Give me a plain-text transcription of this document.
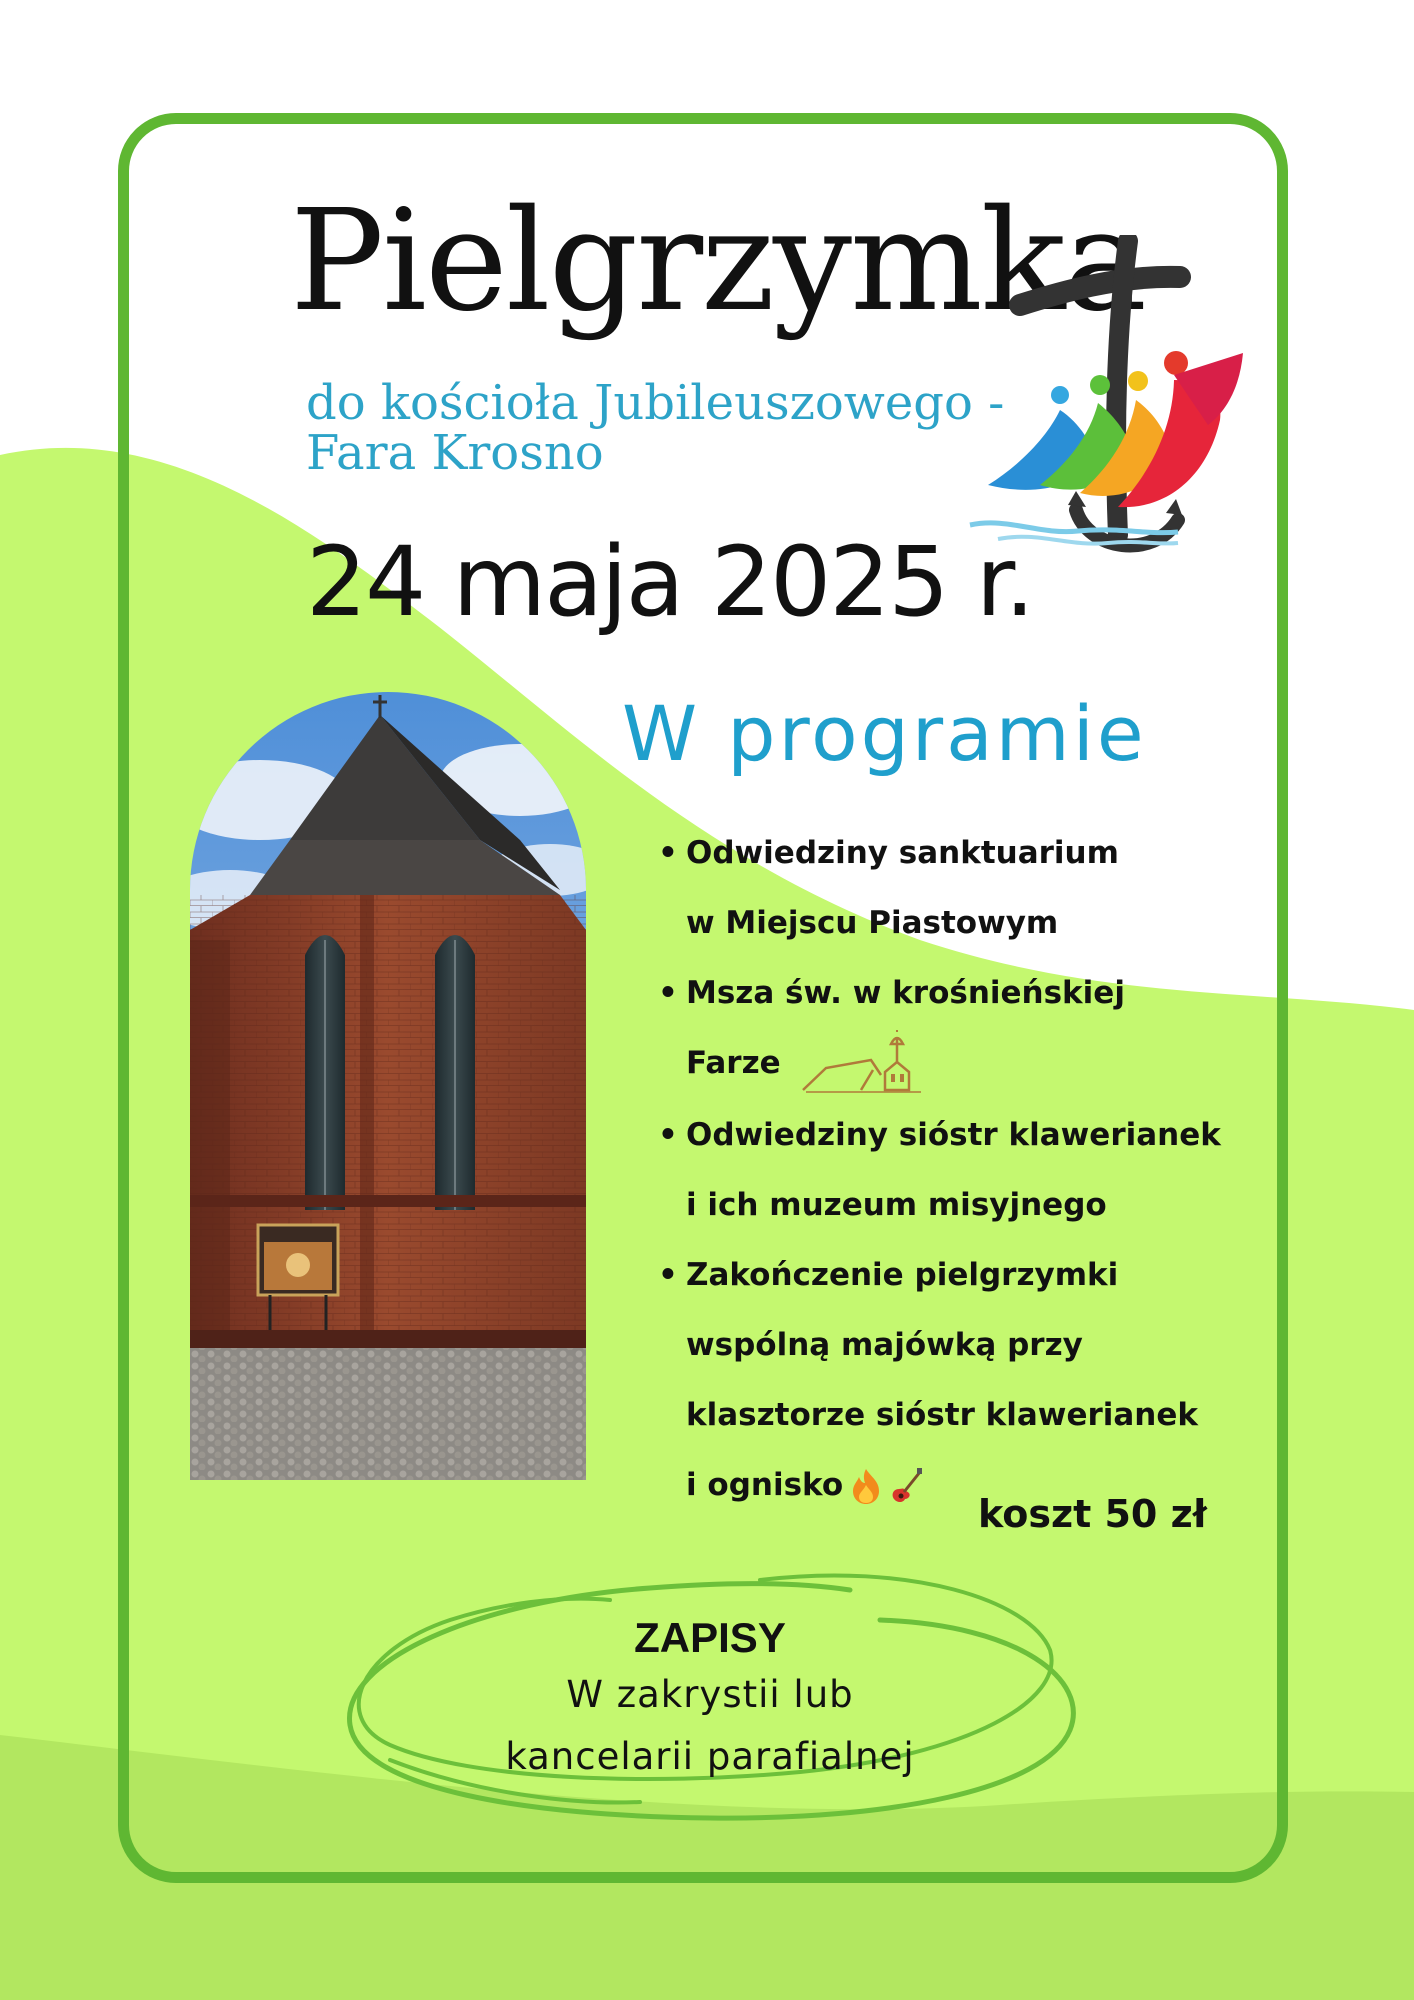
Pielgrzymka
do kościoła Jubileuszowego -
Fara Krosno
24 maja 2025 r.
W programie
• Odwiedziny sanktuarium
w Miejscu Piastowym
• Msza św. w krośnieńskiej
Farze
• Odwiedziny sióstr klawerianek
i ich muzeum misyjnego
• Zakończenie pielgrzymki
wspólną majówką przy
klasztorze sióstr klawerianek
i ognisko
koszt 50 zł
ZAPISY
W zakrystii lub
kancelarii parafialnej
